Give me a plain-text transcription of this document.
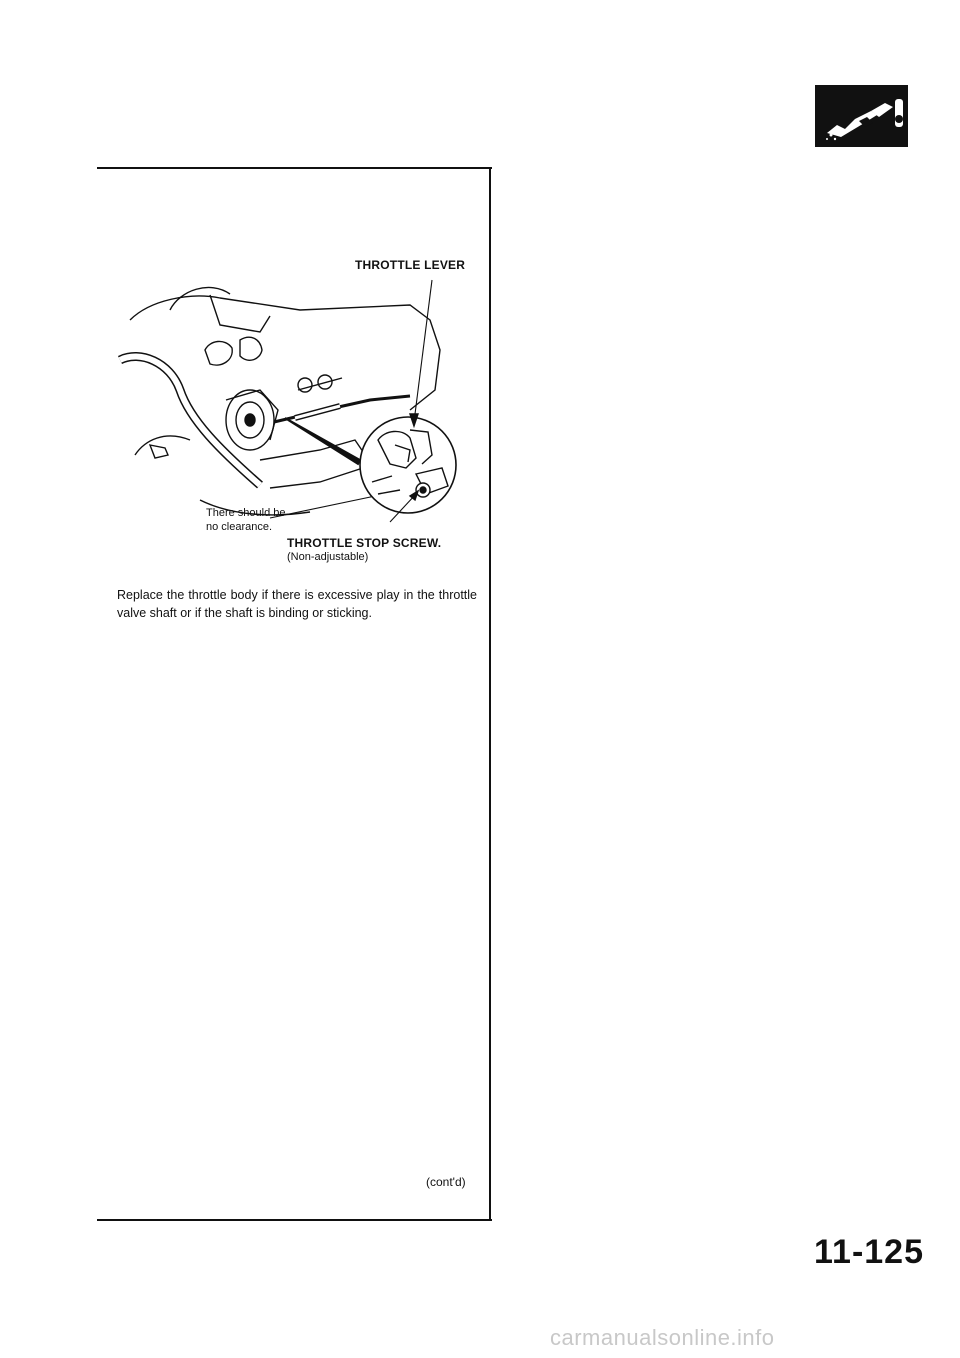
THROTTLE LEVER
There should be
no clearance.
THROTTLE STOP SCREW.
(Non-adjustable)
Replace the throttle body if there is excessive play in the throttle valve shaft or if the shaft is binding or sticking.
(cont'd)
11-125
carmanualsonline.info
